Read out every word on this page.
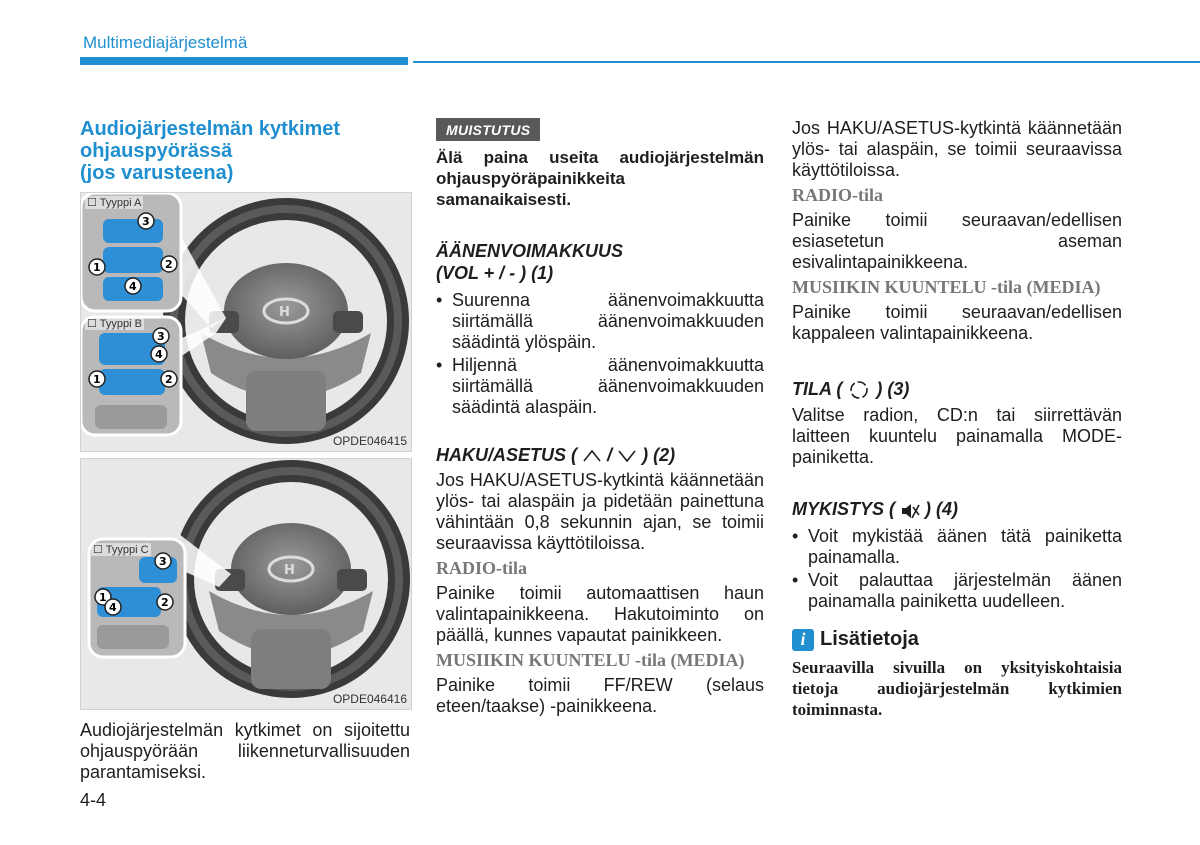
Multimediajärjestelmä
Audiojärjestelmän kytkimet
ohjauspyörässä
(jos varusteena)
H
3
1	2
4
3
4
1	2
☐ Tyyppi A
☐ Tyyppi B
OPDE046415
H
3
1
4	2
☐ Tyyppi C
OPDE046416
Audiojärjestelmän kytkimet on sijoitettu ohjauspyörään liikenneturvallisuuden parantamiseksi.
MUISTUTUS
Älä paina useita audiojärjestelmän ohjauspyöräpainikkeita samanaikaisesti.
ÄÄNENVOIMAKKUUS
(VOL + / - ) (1)
• Suurenna äänenvoimakkuutta siirtämällä äänenvoimakkuuden säädintä ylöspäin.
• Hiljennä äänenvoimakkuutta siirtämällä äänenvoimakkuuden säädintä alaspäin.
HAKU/ASETUS ( / ) (2)
Jos HAKU/ASETUS-kytkintä käännetään ylös- tai alaspäin ja pidetään painettuna vähintään 0,8 sekunnin ajan, se toimii seuraavissa käyttötiloissa.
RADIO-tila
Painike toimii automaattisen haun valintapainikkeena. Hakutoiminto on päällä, kunnes vapautat painikkeen.
MUSIIKIN KUUNTELU -tila (MEDIA)
Painike toimii FF/REW (selaus eteen/taakse) -painikkeena.
Jos HAKU/ASETUS-kytkintä käännetään ylös- tai alaspäin, se toimii seuraavissa käyttötiloissa.
RADIO-tila
Painike toimii seuraavan/edellisen esiasetetun aseman esivalintapainikkeena.
MUSIIKIN KUUNTELU -tila (MEDIA)
Painike toimii seuraavan/edellisen kappaleen valintapainikkeena.
TILA ( ) (3)
Valitse radion, CD:n tai siirrettävän laitteen kuuntelu painamalla MODE-painiketta.
MYKISTYS ( ) (4)
• Voit mykistää äänen tätä painiketta painamalla.
• Voit palauttaa järjestelmän äänen painamalla painiketta uudelleen.
i Lisätietoja
Seuraavilla sivuilla on yksityiskohtaisia tietoja audiojärjestelmän kytkimien toiminnasta.
4-4
